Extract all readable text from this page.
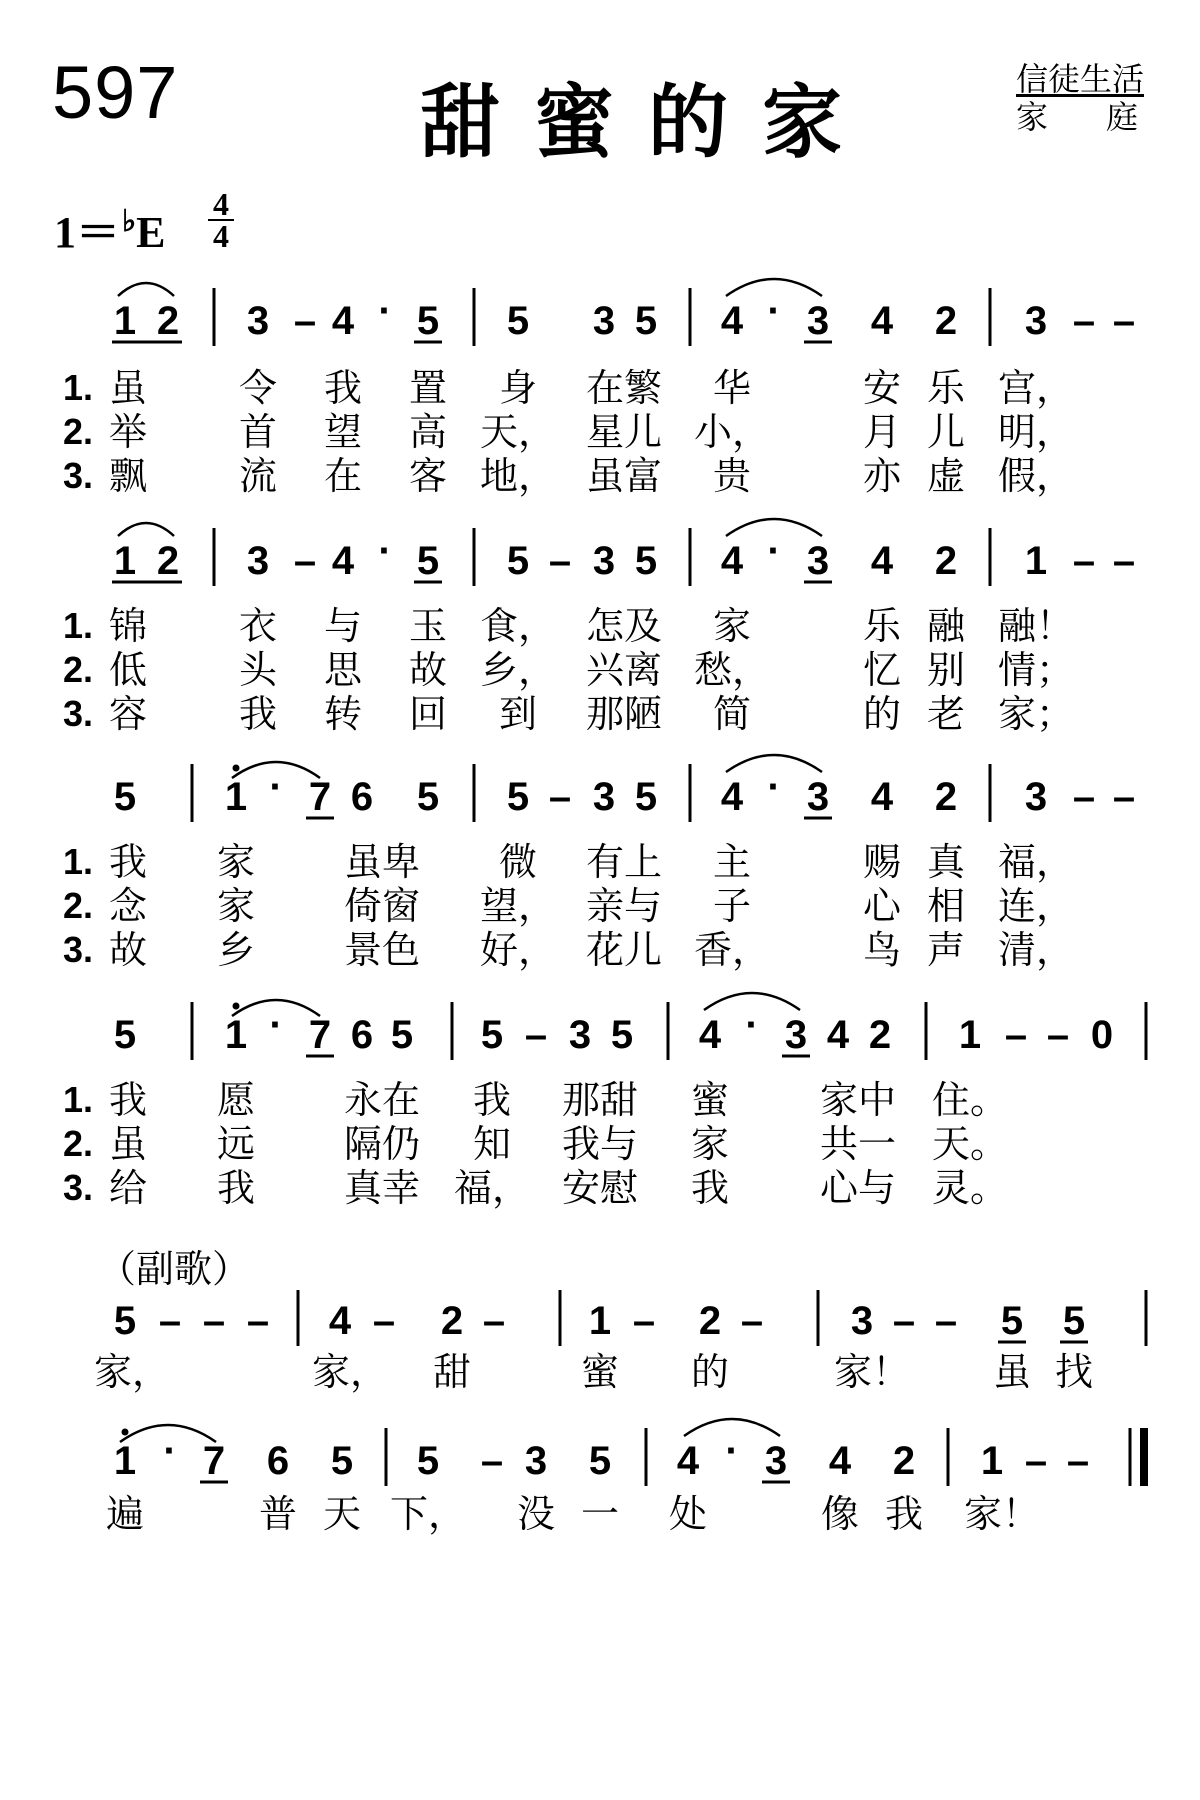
597	甜蜜的家	信徒生活
家庭
1＝♭E
4
4
1 2 3 – 4 · 5 5 3 5 4 · 3 4 2 3 – –
1 2 3 – 4 · 5 5 – 3 5 4 · 3 4 2 1 – –
5 1 · 7 6 5 5 – 3 5 4 · 3 4 2 3 – –
5 1 · 7 6 5 5 – 3 5 4 · 3 4 2 1 – – 0
5 – – – 4 – 2 – 1 – 2 – 3 – – 5 5
1 · 7 6 5 5 – 3 5 4 · 3 4 2 1 – –
1. 虽 令 我 置 身 在繁 华	安 乐 宫，
2. 举 首 望 高 天， 星儿 小， 月 儿 明，
3. 飘 流 在 客 地， 虽富 贵	亦 虚 假，
1. 锦 衣 与 玉 食， 怎及 家	乐 融 融！
2. 低 头 思 故 乡， 兴离 愁， 忆 别 情；
3. 容 我 转 回 到 那陋 简	的 老 家；
1. 我 家 虽卑 微 有上 主	赐 真 福，
2. 念 家 倚窗 望， 亲与 子	心 相 连，
3. 故 乡 景色 好， 花儿 香， 鸟 声 清，
1. 我 愿 永在 我 那甜 蜜 家中 住。
2. 虽 远 隔仍 知 我与 家 共一 天。
3. 给 我 真幸 福， 安慰 我 心与 灵。
（副歌）
家，	家， 甜	蜜 的	家！ 虽 找
遍	普 天 下， 没 一 处	像 我 家！
